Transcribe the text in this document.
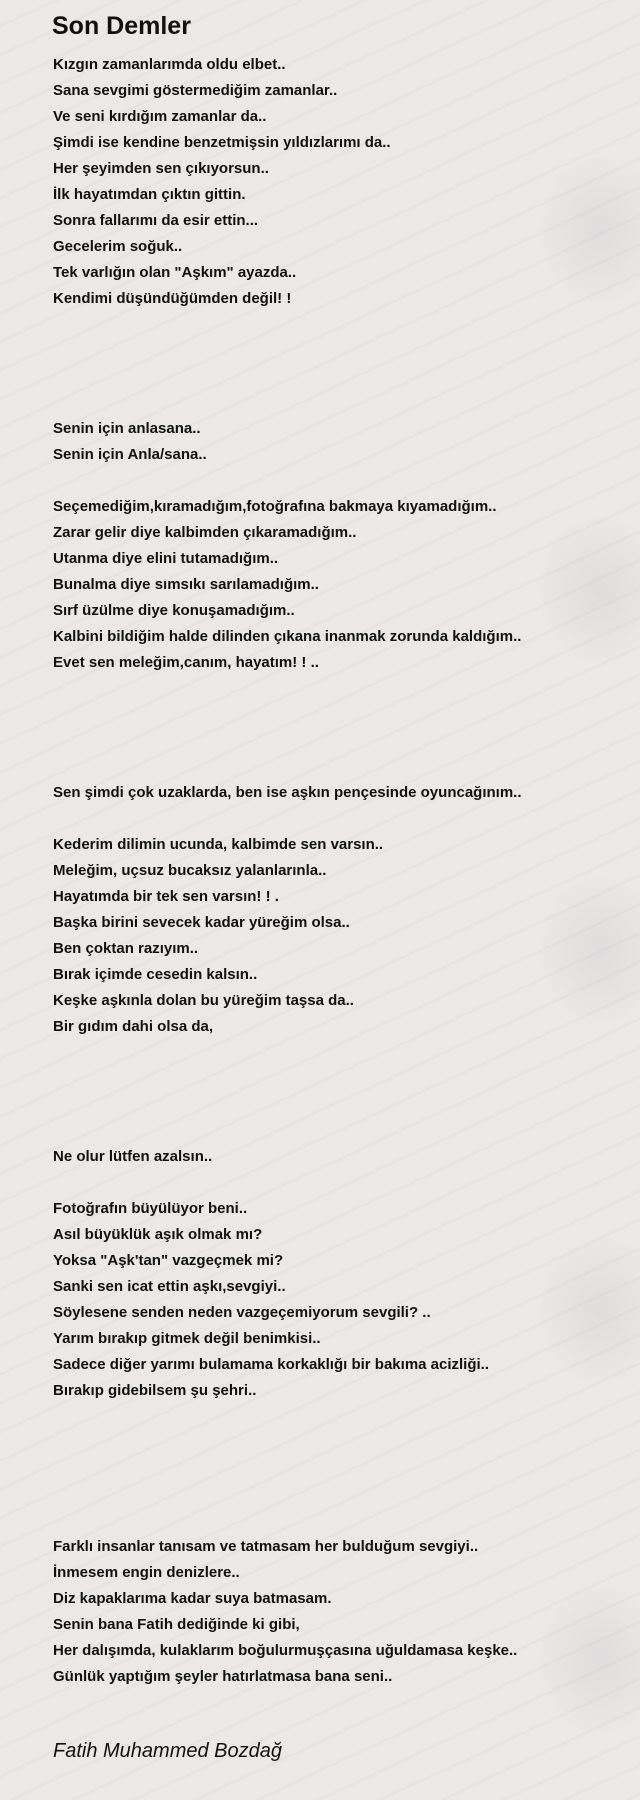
Son Demler
Kızgın zamanlarımda oldu elbet..
Sana sevgimi göstermediğim zamanlar..
Ve seni kırdığım zamanlar da..
Şimdi ise kendine benzetmişsin yıldızlarımı da..
Her şeyimden sen çıkıyorsun..
İlk hayatımdan çıktın gittin.
Sonra fallarımı da esir ettin...
Gecelerim soğuk..
Tek varlığın olan "Aşkım" ayazda..
Kendimi düşündüğümden değil! !
Senin için anlasana..
Senin için Anla/sana..
Seçemediğim,kıramadığım,fotoğrafına bakmaya kıyamadığım..
Zarar gelir diye kalbimden çıkaramadığım..
Utanma diye elini tutamadığım..
Bunalma diye sımsıkı sarılamadığım..
Sırf üzülme diye konuşamadığım..
Kalbini bildiğim halde dilinden çıkana inanmak zorunda kaldığım..
Evet sen meleğim,canım, hayatım! ! ..
Sen şimdi çok uzaklarda, ben ise aşkın pençesinde oyuncağınım..
Kederim dilimin ucunda, kalbimde sen varsın..
Meleğim, uçsuz bucaksız yalanlarınla..
Hayatımda bir tek sen varsın! ! .
Başka birini sevecek kadar yüreğim olsa..
Ben çoktan razıyım..
Bırak içimde cesedin kalsın..
Keşke aşkınla dolan bu yüreğim taşsa da..
Bir gıdım dahi olsa da,
Ne olur lütfen azalsın..
Fotoğrafın büyülüyor beni..
Asıl büyüklük aşık olmak mı?
Yoksa "Aşk'tan" vazgeçmek mi?
Sanki sen icat ettin aşkı,sevgiyi..
Söylesene senden neden vazgeçemiyorum sevgili? ..
Yarım bırakıp gitmek değil benimkisi..
Sadece diğer yarımı bulamama korkaklığı bir bakıma acizliği..
Bırakıp gidebilsem şu şehri..
Farklı insanlar tanısam ve tatmasam her bulduğum sevgiyi..
İnmesem engin denizlere..
Diz kapaklarıma kadar suya batmasam.
Senin bana Fatih dediğinde ki gibi,
Her dalışımda, kulaklarım boğulurmuşçasına uğuldamasa keşke..
Günlük yaptığım şeyler hatırlatmasa bana seni..
Fatih Muhammed Bozdağ
